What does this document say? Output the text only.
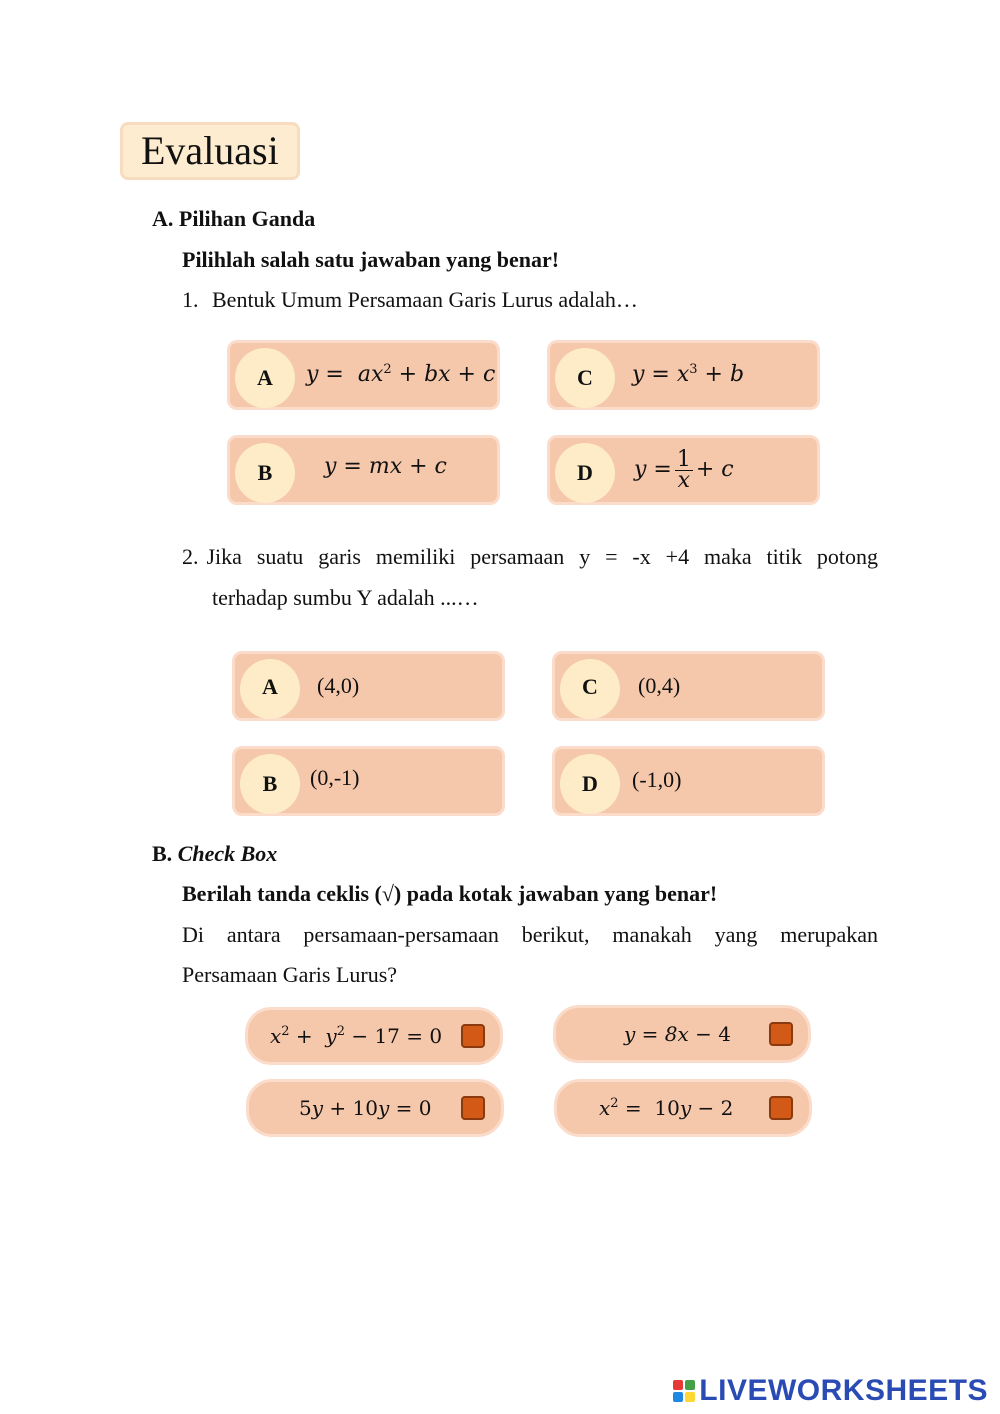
Evaluasi
A. Pilihan Ganda
Pilihlah salah satu jawaban yang benar!
1. Bentuk Umum Persamaan Garis Lurus adalah…
A	$y = ax^2$ + bx + c	C	$y = x^3 + b$
B	y = mx + c	D	$y = \frac{1}{x} + c$
2. Jika suatu garis memiliki persamaan y = -x +4 maka titik potong
terhadap sumbu Y adalah ...…
A	(4,0)	C	(0,4)
B	(0,-1)	D	(-1,0)
B. Check Box
Berilah tanda ceklis (√) pada kotak jawaban yang benar!
Di antara persamaan-persamaan berikut, manakah yang merupakan
Persamaan Garis Lurus?
$x^2 + y^2 - 17 = 0$	y = 8x − 4
5y + 10y = 0	$x^2 = 10y - 2$
LIVEWORKSHEETS
